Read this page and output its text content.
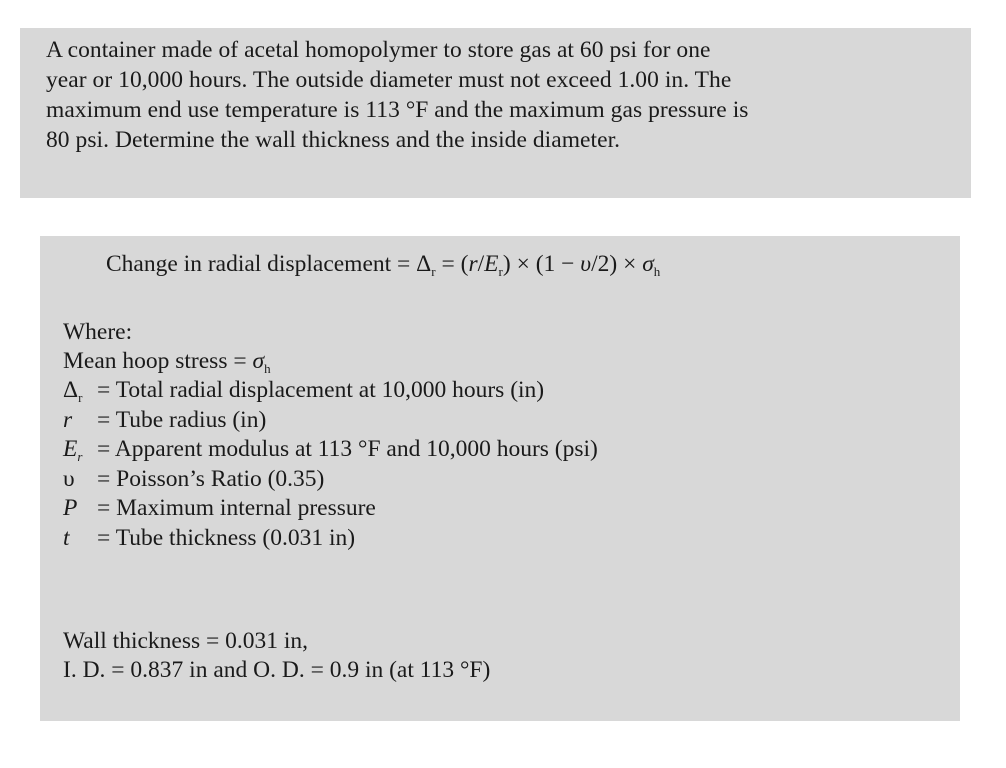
A container made of acetal homopolymer to store gas at 60 psi for one
year or 10,000 hours. The outside diameter must not exceed 1.00 in. The
maximum end use temperature is 113 °F and the maximum gas pressure is
80 psi. Determine the wall thickness and the inside diameter.
Change in radial displacement = $\Delta_r = (r/E_r) \times (1 - \upsilon/2) \times \sigma_h$
Where:
Mean hoop stress = $\sigma_h$
$\Delta_r$ = Total radial displacement at 10,000 hours (in)
r	= Tube radius (in)
$E_r$ = Apparent modulus at 113 °F and 10,000 hours (psi)
υ = Poisson’s Ratio (0.35)
P = Maximum internal pressure
t	= Tube thickness (0.031 in)
Wall thickness = 0.031 in,
I. D. = 0.837 in and O. D. = 0.9 in (at 113 °F)
